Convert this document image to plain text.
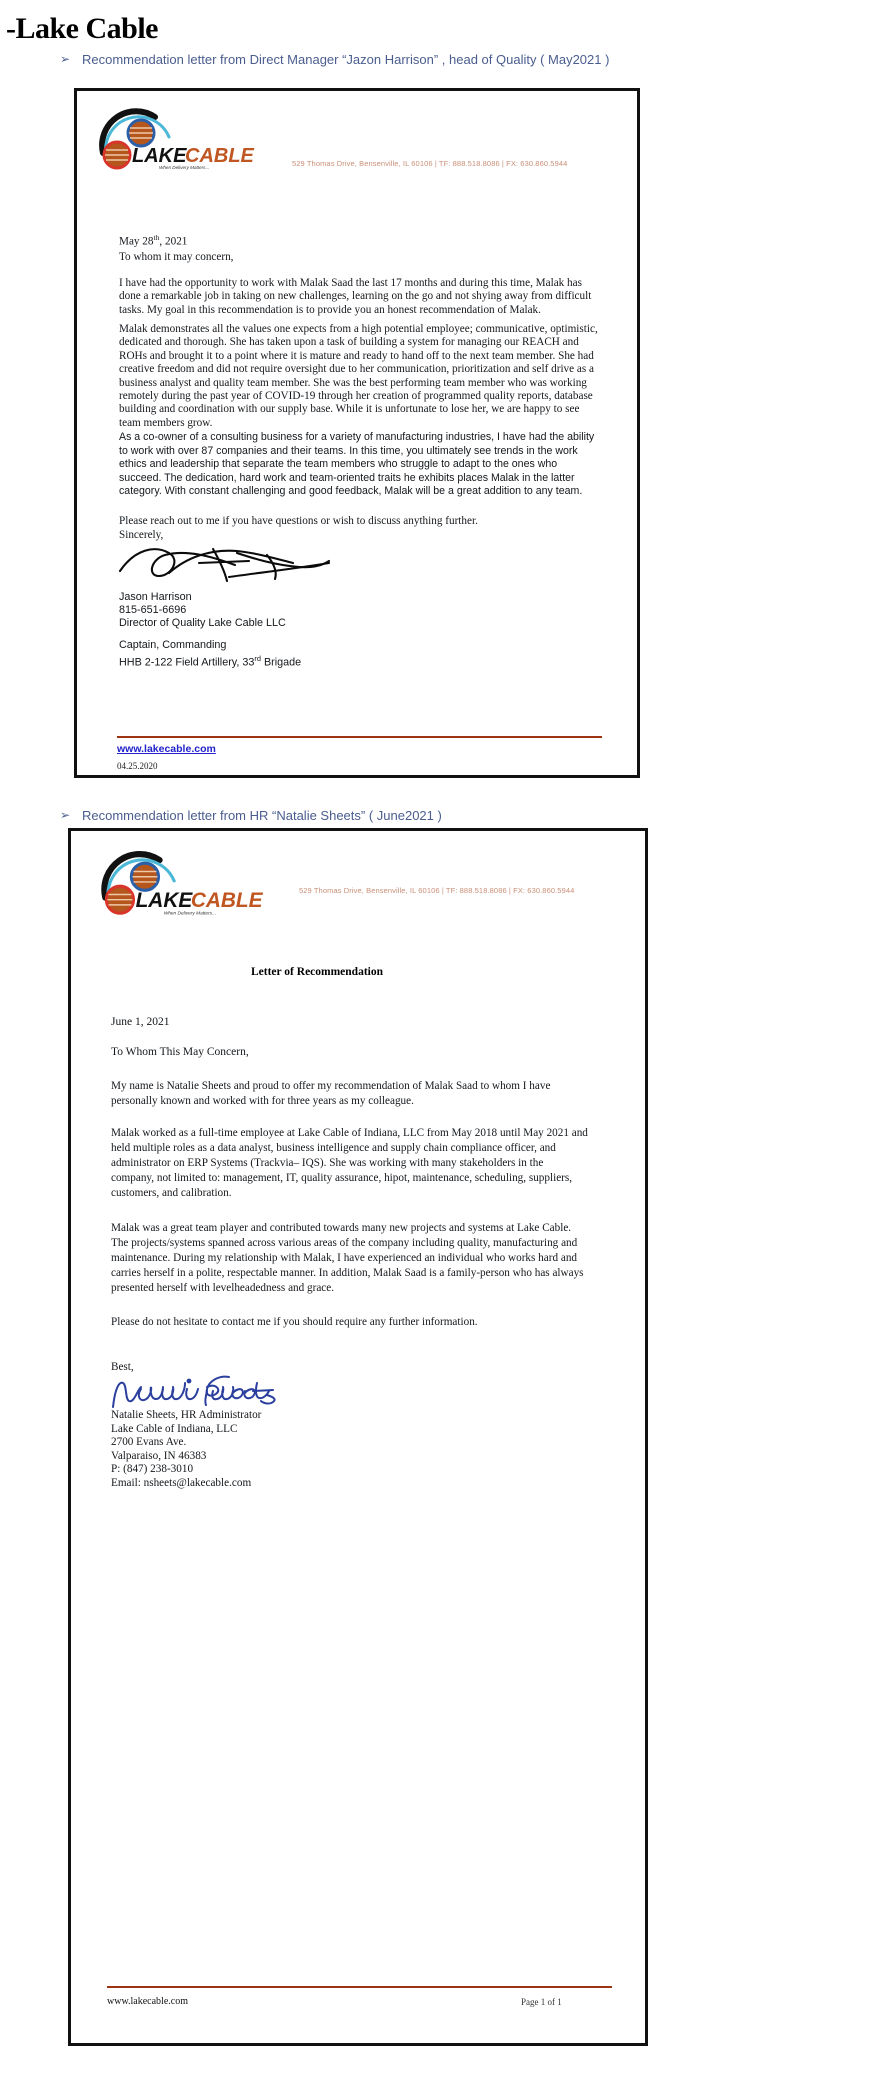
-Lake Cable
➢ Recommendation letter from Direct Manager “Jazon Harrison” , head of Quality ( May2021 )
LAKE
CABLE
When Delivery Matters...	529 Thomas Drive, Bensenville, IL 60106 | TF: 888.518.8086 | FX: 630.860.5944
May 28th, 2021
To whom it may concern,
I have had the opportunity to work with Malak Saad the last 17 months and during this time, Malak has done a remarkable job in taking on new challenges, learning on the go and not shying away from difficult tasks. My goal in this recommendation is to provide you an honest recommendation of Malak.
Malak demonstrates all the values one expects from a high potential employee; communicative, optimistic, dedicated and thorough. She has taken upon a task of building a system for managing our REACH and ROHs and brought it to a point where it is mature and ready to hand off to the next team member. She had creative freedom and did not require oversight due to her communication, prioritization and self drive as a business analyst and quality team member. She was the best performing team member who was working remotely during the past year of COVID-19 through her creation of programmed quality reports, database building and coordination with our supply base. While it is unfortunate to lose her, we are happy to see team members grow.
As a co-owner of a consulting business for a variety of manufacturing industries, I have had the ability to work with over 87 companies and their teams. In this time, you ultimately see trends in the work ethics and leadership that separate the team members who struggle to adapt to the ones who succeed. The dedication, hard work and team-oriented traits he exhibits places Malak in the latter category. With constant challenging and good feedback, Malak will be a great addition to any team.
Please reach out to me if you have questions or wish to discuss anything further.
Sincerely,
Jason Harrison
815-651-6696
Director of Quality Lake Cable LLC
Captain, Commanding
HHB 2-122 Field Artillery, 33rd Brigade
www.lakecable.com
04.25.2020
➢ Recommendation letter from HR “Natalie Sheets” ( June2021 )
LAKE
CABLE
When Delivery Matters...
529 Thomas Drive, Bensenville, IL 60106 | TF: 888.518.8086 | FX: 630.860.5944
Letter of Recommendation
June 1, 2021
To Whom This May Concern,
My name is Natalie Sheets and proud to offer my recommendation of Malak Saad to whom I have personally known and worked with for three years as my colleague.
Malak worked as a full-time employee at Lake Cable of Indiana, LLC from May 2018 until May 2021 and held multiple roles as a data analyst, business intelligence and supply chain compliance officer, and administrator on ERP Systems (Trackvia– IQS). She was working with many stakeholders in the company, not limited to: management, IT, quality assurance, hipot, maintenance, scheduling, suppliers, customers, and calibration.
Malak was a great team player and contributed towards many new projects and systems at Lake Cable. The projects/systems spanned across various areas of the company including quality, manufacturing and maintenance. During my relationship with Malak, I have experienced an individual who works hard and carries herself in a polite, respectable manner. In addition, Malak Saad is a family-person who has always presented herself with levelheadedness and grace.
Please do not hesitate to contact me if you should require any further information.
Best,
Natalie Sheets, HR Administrator
Lake Cable of Indiana, LLC
2700 Evans Ave.
Valparaiso, IN 46383
P: (847) 238-3010
Email: nsheets@lakecable.com
www.lakecable.com	Page 1 of 1
